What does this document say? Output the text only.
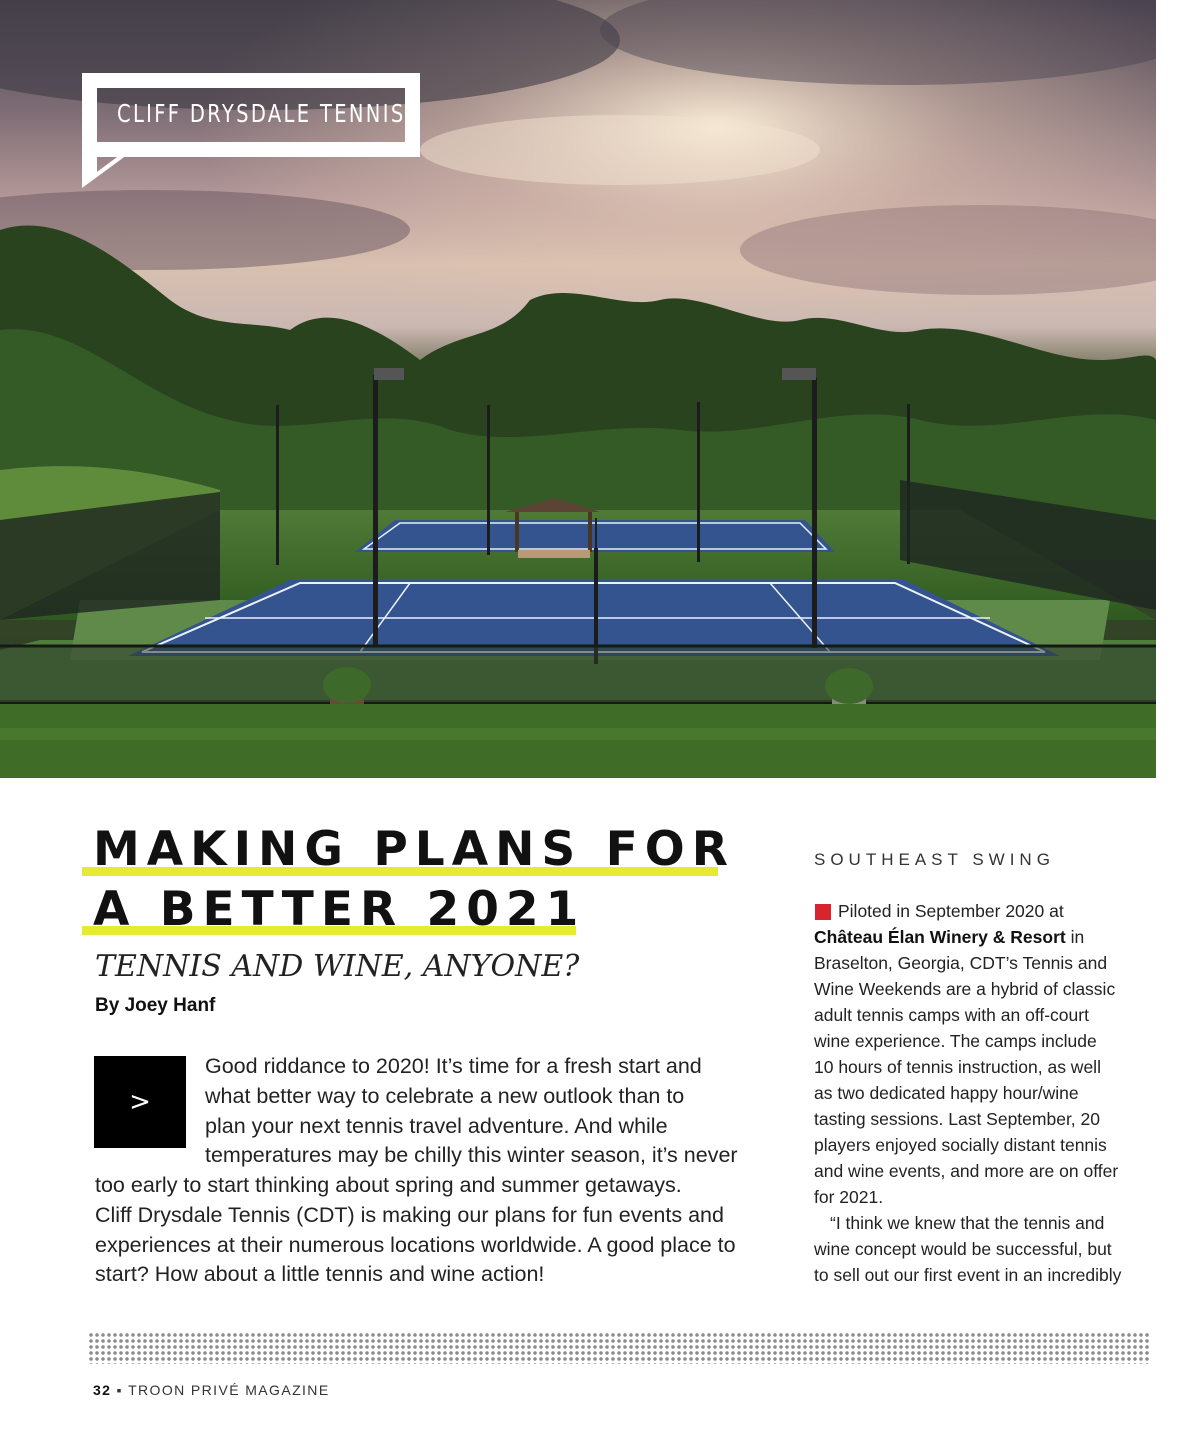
CLIFF DRYSDALE TENNIS
MAKING PLANS FOR
A BETTER 2021
TENNIS AND WINE, ANYONE?
By Joey Hanf
>
Good riddance to 2020! It’s time for a fresh start and
what better way to celebrate a new outlook than to
plan your next tennis travel adventure. And while
temperatures may be chilly this winter season, it’s never
too early to start thinking about spring and summer getaways.
Cliff Drysdale Tennis (CDT) is making our plans for fun events and
experiences at their numerous locations worldwide. A good place to
start? How about a little tennis and wine action!
SOUTHEAST SWING
Piloted in September 2020 at
Château Élan Winery & Resort in
Braselton, Georgia, CDT’s Tennis and
Wine Weekends are a hybrid of classic
adult tennis camps with an off-court
wine experience. The camps include
10 hours of tennis instruction, as well
as two dedicated happy hour/wine
tasting sessions. Last September, 20
players enjoyed socially distant tennis
and wine events, and more are on offer
for 2021.
“I think we knew that the tennis and
wine concept would be successful, but
to sell out our first event in an incredibly
32 ▪ TROON PRIVÉ MAGAZINE
